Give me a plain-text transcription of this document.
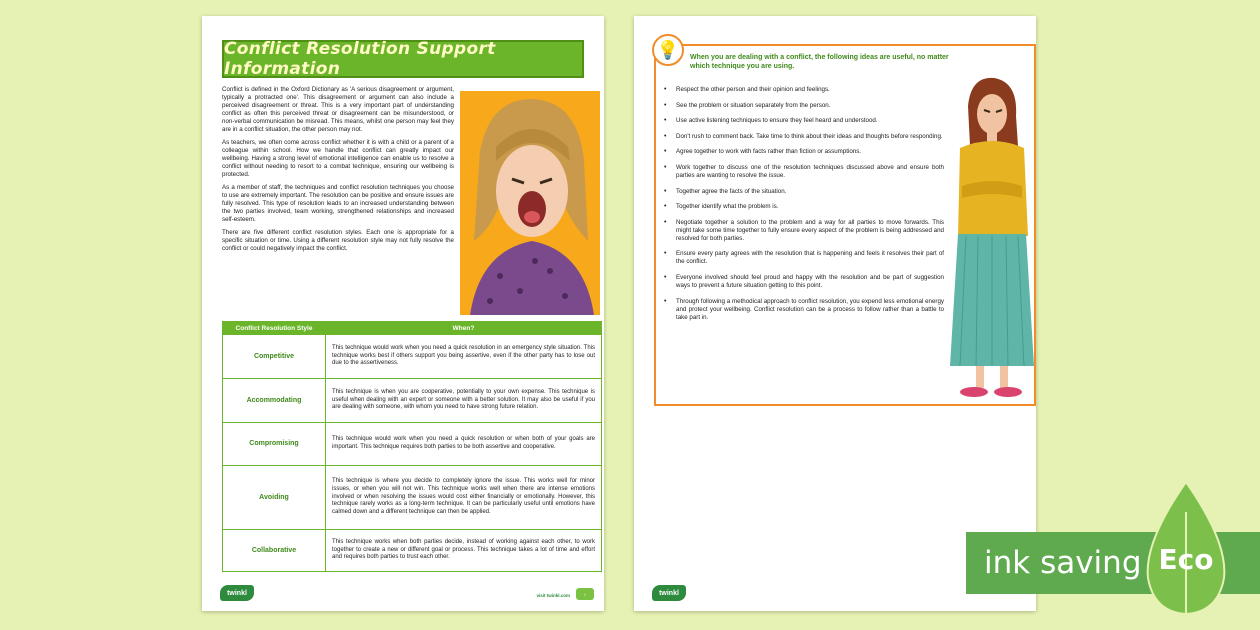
Conflict Resolution Support Information

Conflict is defined in the Oxford Dictionary as 'A serious disagreement or argument, typically a protracted one'. This disagreement or argument can also include a perceived disagreement or threat. This is a very important part of understanding conflict as often this perceived threat or disagreement can be misunderstood, or non-verbal communication be misread. This means, whilst one person may feel they are in a conflict situation, the other person may not.

As teachers, we often come across conflict whether it is with a child or a parent of a colleague within school. How we handle that conflict can greatly impact our wellbeing. Having a strong level of emotional intelligence can enable us to resolve a conflict without needing to resort to a combat technique, ensuring our wellbeing is protected.

As a member of staff, the techniques and conflict resolution techniques you choose to use are extremely important. The resolution can be positive and ensure issues are fully resolved. This type of resolution leads to an increased understanding between the two parties involved, team working, strengthened relationships and increased self-esteem.

There are five different conflict resolution styles. Each one is appropriate for a specific situation or time. Using a different resolution style may not fully resolve the conflict or could negatively impact the conflict.

Conflict Resolution Style	When?
Competitive	This technique would work when you need a quick resolution in an emergency style situation. This technique works best if others support you being assertive, even if the other party has to lose out due to the assertiveness.
Accommodating	This technique is when you are cooperative, potentially to your own expense. This technique is useful when dealing with an expert or someone with a better solution. It may also be useful if you are dealing with someone, with whom you need to have strong future relation.
Compromising	This technique would work when you need a quick resolution or when both of your goals are important. This technique requires both parties to be both assertive and cooperative.
Avoiding	This technique is where you decide to completely ignore the issue. This works well for minor issues, or when you will not win. This technique works well when there are intense emotions involved or when resolving the issues would cost either financially or emotionally. However, this technique rarely works as a long-term technique. It can be particularly useful until emotions have calmed down and a different technique can then be applied.
Collaborative	This technique works when both parties decide, instead of working against each other, to work together to create a new or different goal or process. This technique takes a lot of time and effort and requires both parties to trust each other.
twinkl	visit twinkl.com	✓
💡	When you are dealing with a conflict, the following ideas are useful, no matter which technique you are using.
• Respect the other person and their opinion and feelings.
• See the problem or situation separately from the person.
• Use active listening techniques to ensure they feel heard and understood.
• Don't rush to comment back. Take time to think about their ideas and thoughts before responding.
• Agree together to work with facts rather than fiction or assumptions.
• Work together to discuss one of the resolution techniques discussed above and ensure both parties are wanting to resolve the issue.
• Together agree the facts of the situation.
• Together identify what the problem is.
• Negotiate together a solution to the problem and a way for all parties to move forwards. This might take some time together to fully ensure every aspect of the problem is being addressed and resolved for both parties.
• Ensure every party agrees with the resolution that is happening and feels it resolves their part of the conflict.
• Everyone involved should feel proud and happy with the resolution and be part of suggestion ways to prevent a future situation getting to this point.
• Through following a methodical approach to conflict resolution, you expend less emotional energy and protect your wellbeing. Conflict resolution can be a process to follow rather than a battle to take part in.
twinkl
ink saving Eco
